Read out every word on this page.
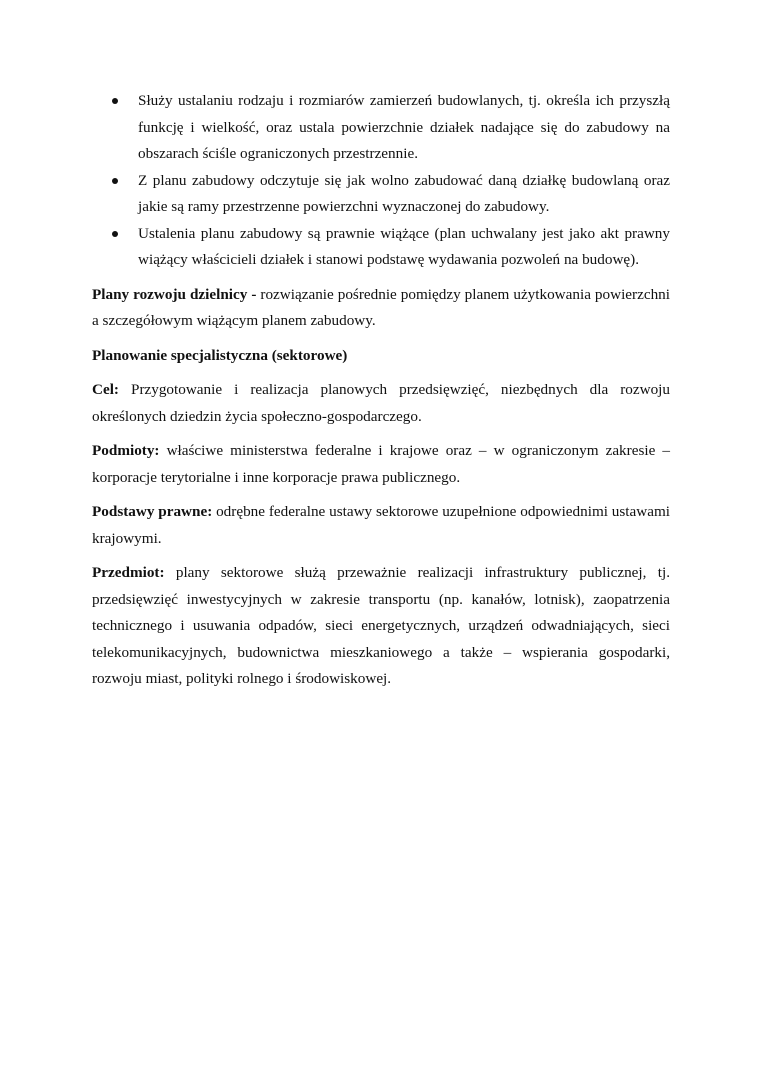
Służy ustalaniu rodzaju i rozmiarów zamierzeń budowlanych, tj. określa ich przyszłą funkcję i wielkość, oraz ustala powierzchnie działek nadające się do zabudowy na obszarach ściśle ograniczonych przestrzennie.
Z planu zabudowy odczytuje się jak wolno zabudować daną działkę budowlaną oraz jakie są ramy przestrzenne powierzchni wyznaczonej do zabudowy.
Ustalenia planu zabudowy są prawnie wiążące (plan uchwalany jest jako akt prawny wiążący właścicieli działek i stanowi podstawę wydawania pozwoleń na budowę).

Plany rozwoju dzielnicy - rozwiązanie pośrednie pomiędzy planem użytkowania powierzchni a szczegółowym wiążącym planem zabudowy.

Planowanie specjalistyczna (sektorowe)

Cel: Przygotowanie i realizacja planowych przedsięwzięć, niezbędnych dla rozwoju określonych dziedzin życia społeczno-gospodarczego.

Podmioty: właściwe ministerstwa federalne i krajowe oraz – w ograniczonym zakresie – korporacje terytorialne i inne korporacje prawa publicznego.

Podstawy prawne: odrębne federalne ustawy sektorowe uzupełnione odpowiednimi ustawami krajowymi.

Przedmiot: plany sektorowe służą przeważnie realizacji infrastruktury publicznej, tj. przedsięwzięć inwestycyjnych w zakresie transportu (np. kanałów, lotnisk), zaopatrzenia technicznego i usuwania odpadów, sieci energetycznych, urządzeń odwadniających, sieci telekomunikacyjnych, budownictwa mieszkaniowego a także – wspierania gospodarki, rozwoju miast, polityki rolnego i środowiskowej.
